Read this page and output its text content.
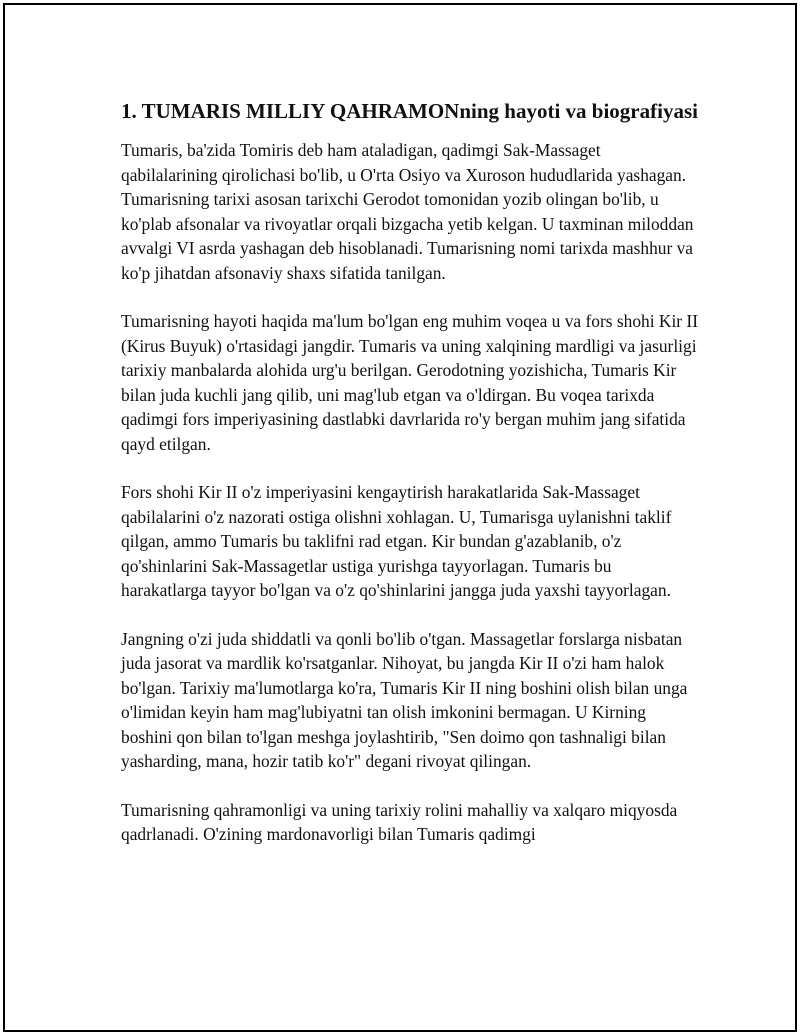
1. TUMARIS MILLIY QAHRAMONning hayoti va biografiyasi

Tumaris, ba'zida Tomiris deb ham ataladigan, qadimgi Sak-Massaget qabilalarining qirolichasi bo'lib, u O'rta Osiyo va Xuroson hududlarida yashagan. Tumarisning tarixi asosan tarixchi Gerodot tomonidan yozib olingan bo'lib, u ko'plab afsonalar va rivoyatlar orqali bizgacha yetib kelgan. U taxminan miloddan avvalgi VI asrda yashagan deb hisoblanadi. Tumarisning nomi tarixda mashhur va ko'p jihatdan afsonaviy shaxs sifatida tanilgan.

Tumarisning hayoti haqida ma'lum bo'lgan eng muhim voqea u va fors shohi Kir II (Kirus Buyuk) o'rtasidagi jangdir. Tumaris va uning xalqining mardligi va jasurligi tarixiy manbalarda alohida urg'u berilgan. Gerodotning yozishicha, Tumaris Kir bilan juda kuchli jang qilib, uni mag'lub etgan va o'ldirgan. Bu voqea tarixda qadimgi fors imperiyasining dastlabki davrlarida ro'y bergan muhim jang sifatida qayd etilgan.

Fors shohi Kir II o'z imperiyasini kengaytirish harakatlarida Sak-Massaget qabilalarini o'z nazorati ostiga olishni xohlagan. U, Tumarisga uylanishni taklif qilgan, ammo Tumaris bu taklifni rad etgan. Kir bundan g'azablanib, o'z qo'shinlarini Sak-Massagetlar ustiga yurishga tayyorlagan. Tumaris bu harakatlarga tayyor bo'lgan va o'z qo'shinlarini jangga juda yaxshi tayyorlagan.

Jangning o'zi juda shiddatli va qonli bo'lib o'tgan. Massagetlar forslarga nisbatan juda jasorat va mardlik ko'rsatganlar. Nihoyat, bu jangda Kir II o'zi ham halok bo'lgan. Tarixiy ma'lumotlarga ko'ra, Tumaris Kir II ning boshini olish bilan unga o'limidan keyin ham mag'lubiyatni tan olish imkonini bermagan. U Kirning boshini qon bilan to'lgan meshga joylashtirib, "Sen doimo qon tashnaligi bilan yasharding, mana, hozir tatib ko'r" degani rivoyat qilingan.

Tumarisning qahramonligi va uning tarixiy rolini mahalliy va xalqaro miqyosda qadrlanadi. O'zining mardonavorligi bilan Tumaris qadimgi
